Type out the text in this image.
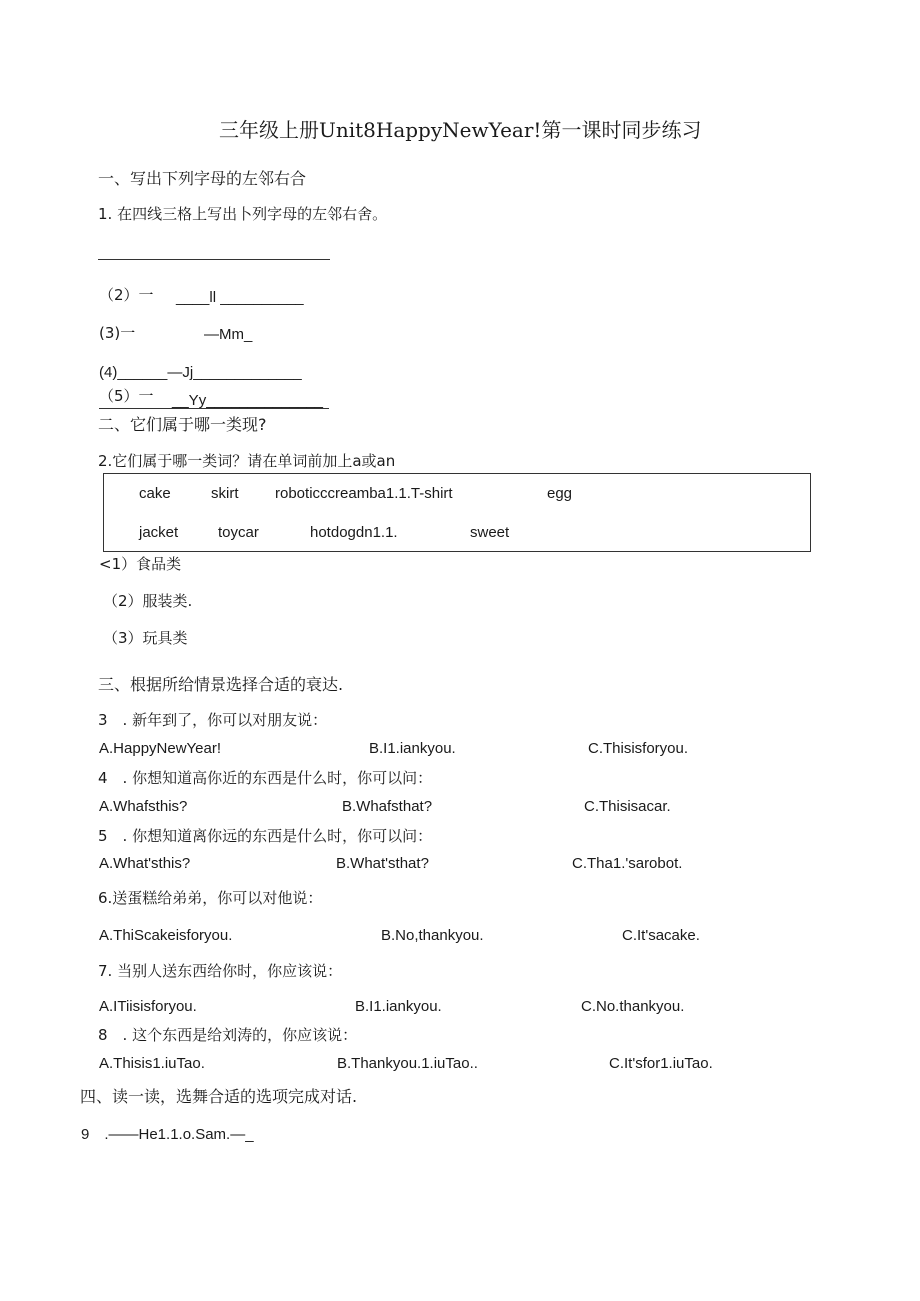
三年级上册Unit8HappyNewYear!第一课时同步练习
一、写出下列字母的左邻右合
1. 在四线三格上写出卜列字母的左邻右舍。
（2）一 ____ll __________
(3)一	—Mm_
(4)______—Jj_____________
（5）一 __Yy______________
二、它们属于哪一类现?
2.它们属于哪一类词？请在单词前加上a或an
cake	skirt roboticccreamba1.1.T-shirt	egg
jacket	toycar	hotdogdn1.1.	sweet
<1）食品类
（2）服装类.
（3）玩具类
三、根据所给情景选择合适的衰达.
3　. 新年到了，你可以对朋友说：
A.HappyNewYear!	B.I1.iankyou.	C.Thisisforyou.
4　. 你想知道高你近的东西是什么时，你可以问：
A.Whafsthis?	B.Whafsthat?	C.Thisisacar.
5　. 你想知道离你远的东西是什么时，你可以问：
A.What'sthis?	B.What'sthat?	C.Tha1.'sarobot.
6.送蛋糕给弟弟，你可以对他说：
A.ThiScakeisforyou.	B.No,thankyou.	C.It'sacake.
7. 当别人送东西给你时，你应该说：
A.ITiisisforyou.	B.I1.iankyou.	C.No.thankyou.
8　. 这个东西是给刘涛的，你应该说：
A.Thisis1.iuTao.	B.Thankyou.1.iuTao..	C.It'sfor1.iuTao.
四、读一读，选舞合适的选项完成对话.
9　.——He1.1.o.Sam.—_
